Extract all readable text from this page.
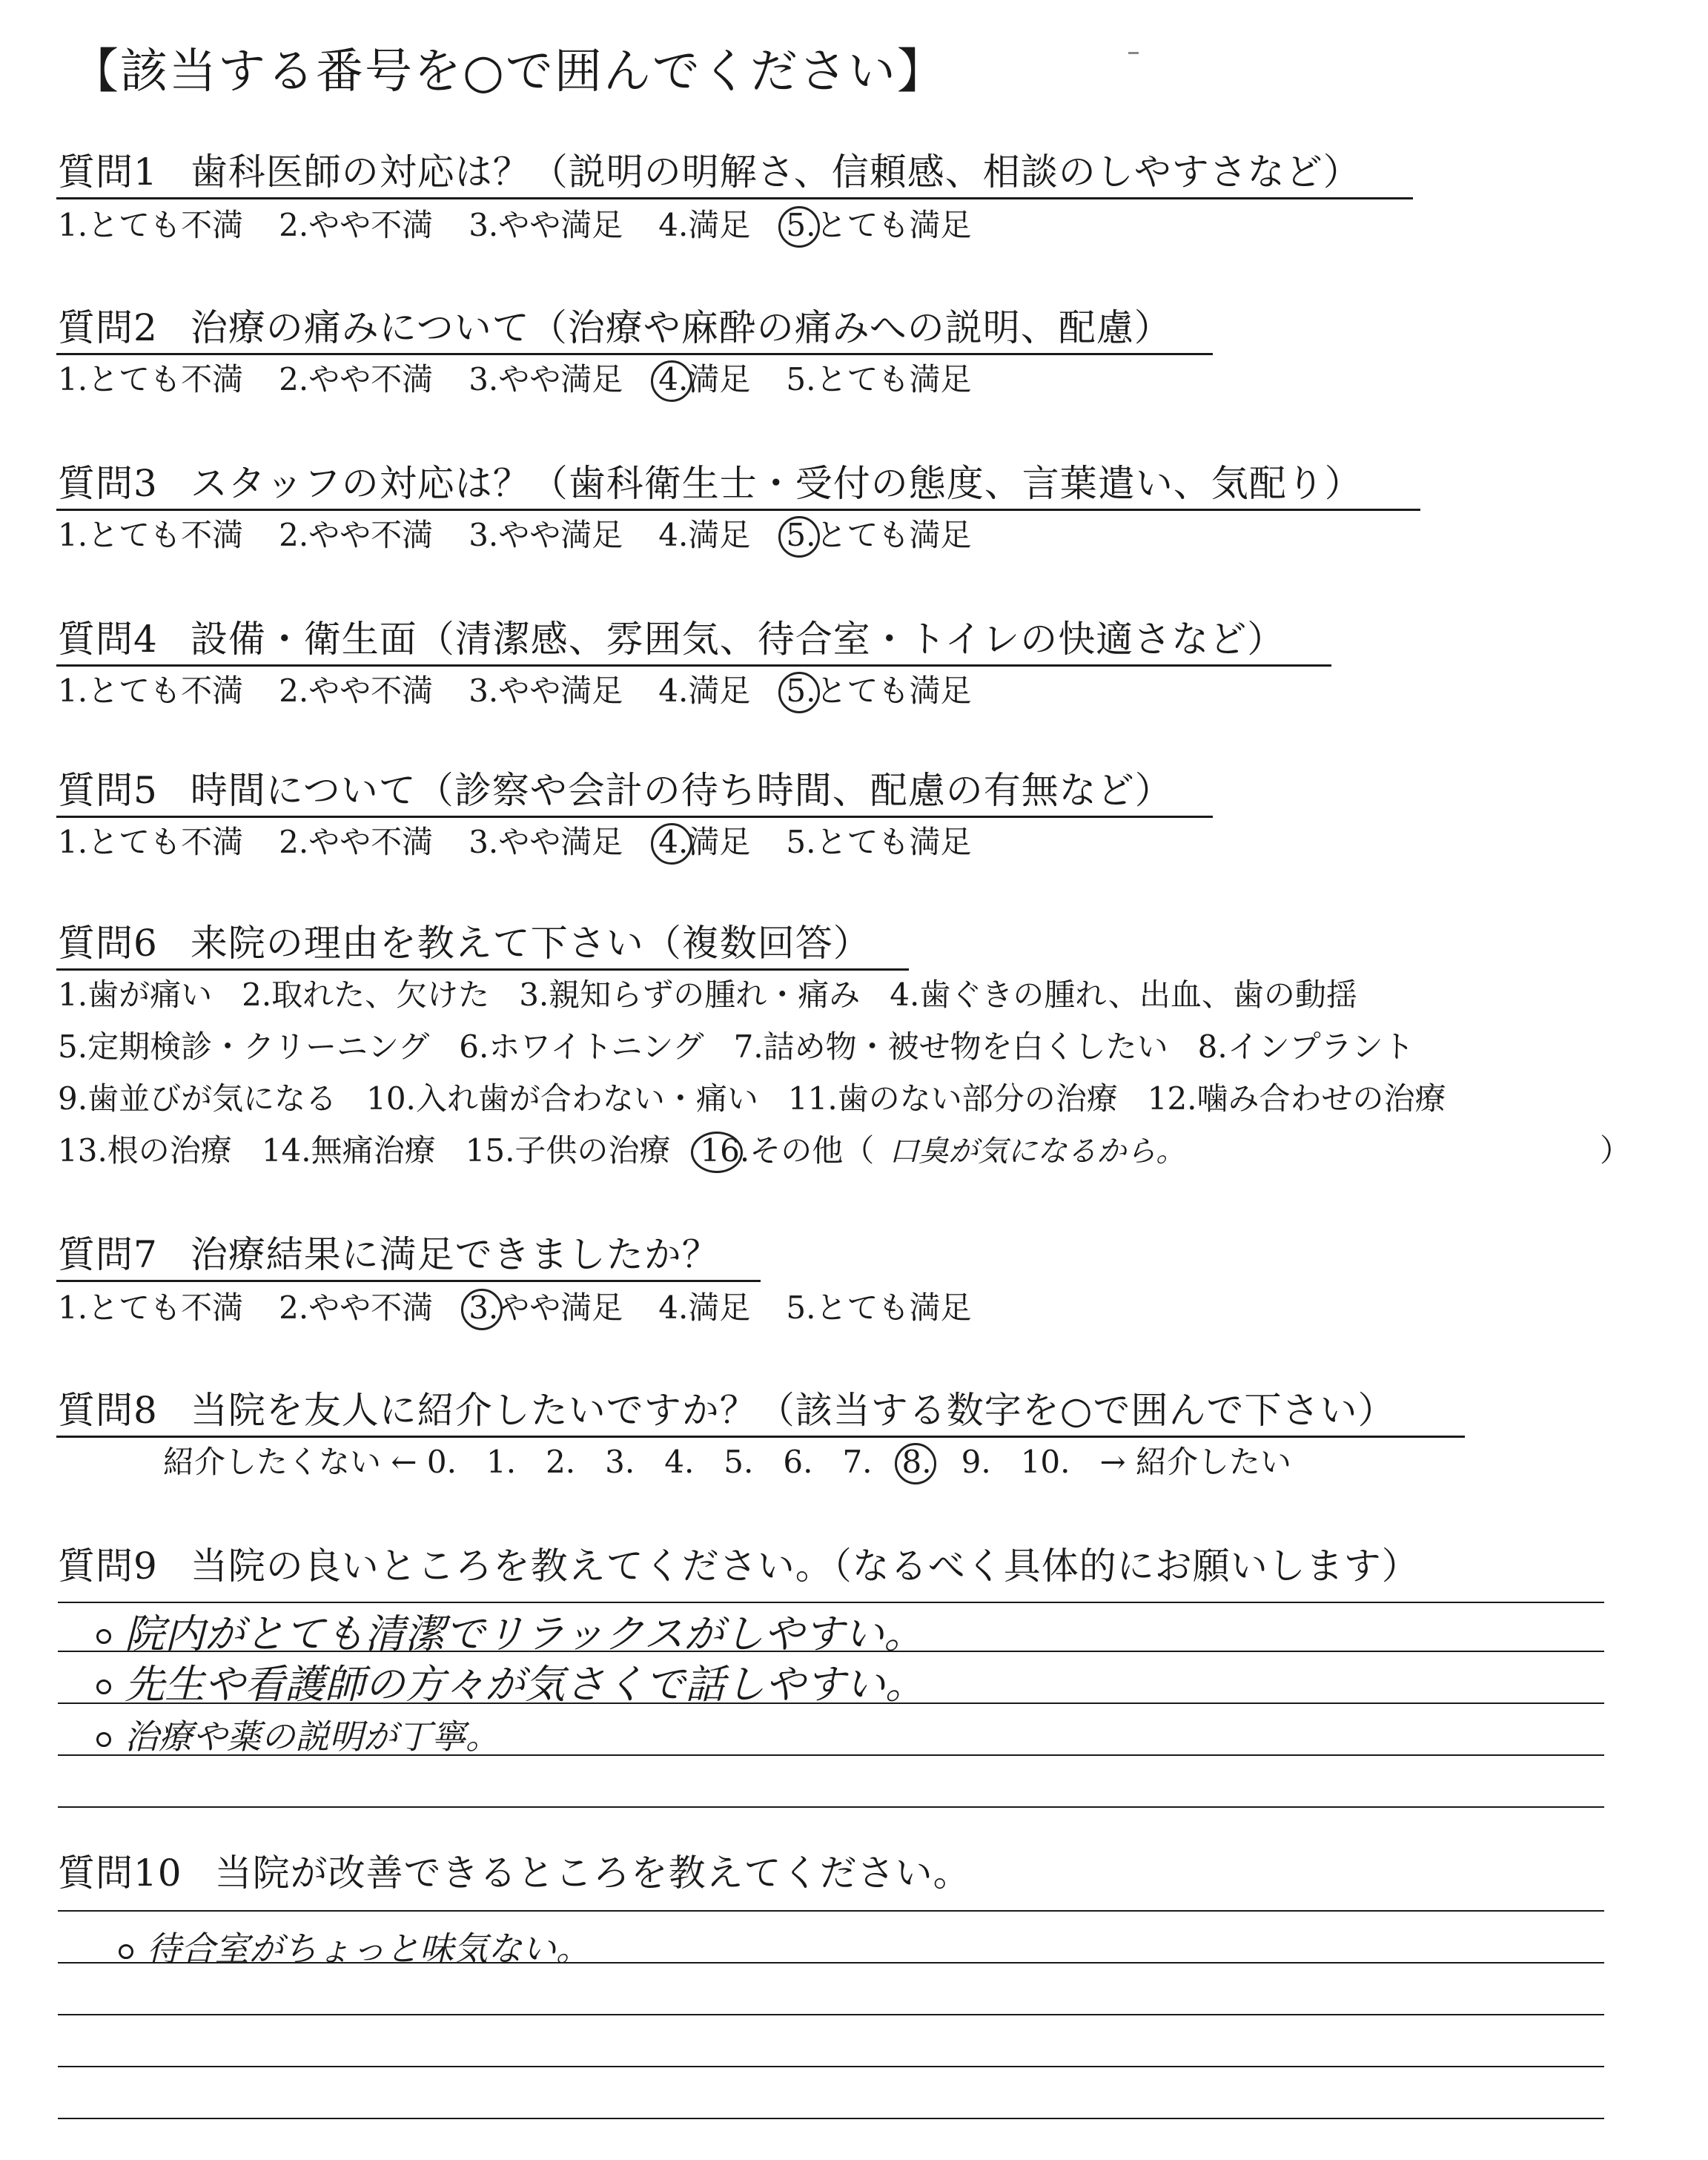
【該当する番号を○で囲んでください】
質問1 歯科医師の対応は？（説明の明解さ、信頼感、相談のしやすさなど）
1.とても不満 2.やや不満 3.やや満足 4.満足 5.とても満足
質問2 治療の痛みについて（治療や麻酔の痛みへの説明、配慮）
1.とても不満 2.やや不満 3.やや満足 4.満足 5.とても満足
質問3 スタッフの対応は？（歯科衛生士・受付の態度、言葉遣い、気配り）
1.とても不満 2.やや不満 3.やや満足 4.満足 5.とても満足
質問4 設備・衛生面（清潔感、雰囲気、待合室・トイレの快適さなど）
1.とても不満 2.やや不満 3.やや満足 4.満足 5.とても満足
質問5 時間について（診察や会計の待ち時間、配慮の有無など）
1.とても不満 2.やや不満 3.やや満足 4.満足 5.とても満足
質問6 来院の理由を教えて下さい（複数回答）
1.歯が痛い 2.取れた、欠けた 3.親知らずの腫れ・痛み 4.歯ぐきの腫れ、出血、歯の動揺
5.定期検診・クリーニング 6.ホワイトニング 7.詰め物・被せ物を白くしたい 8.インプラント
9.歯並びが気になる 10.入れ歯が合わない・痛い 11.歯のない部分の治療 12.噛み合わせの治療
13.根の治療 14.無痛治療 15.子供の治療 16.その他（ 口臭が気になるから。	）
質問7 治療結果に満足できましたか？
1.とても不満 2.やや不満 3.やや満足 4.満足 5.とても満足
質問8 当院を友人に紹介したいですか？（該当する数字を○で囲んで下さい）
紹介したくない ← 0. 1. 2. 3. 4. 5. 6. 7. 8. 9. 10. → 紹介したい
質問9 当院の良いところを教えてください。（なるべく具体的にお願いします）
院内がとても清潔でリラックスがしやすい。
先生や看護師の方々が気さくで話しやすい。
治療や薬の説明が丁寧。
質問10 当院が改善できるところを教えてください。
待合室がちょっと味気ない。
